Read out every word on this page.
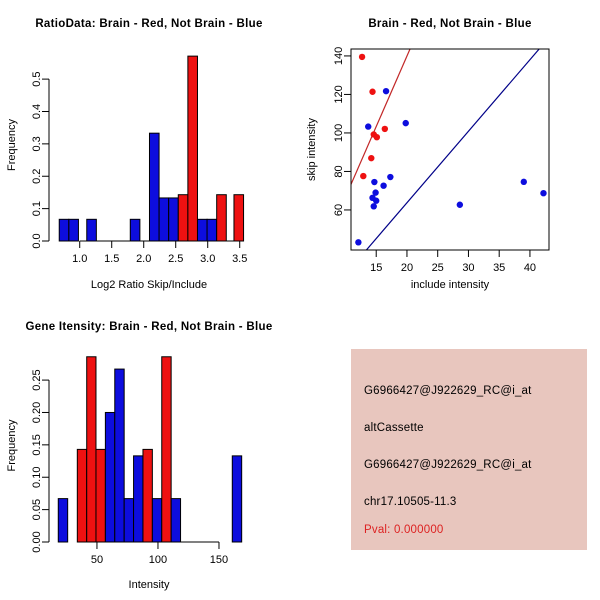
1.0 1.5 2.0 2.5 3.0 3.5
0.0
0.1
0.2
0.3
0.4
0.5
RatioData: Brain - Red, Not Brain - Blue
Log2 Ratio Skip/Include
Frequency
15 20 25 30 35 40
60
80
100
120
140
Brain - Red, Not Brain - Blue
include intensity
skip intensity
50	100	150
0.00
0.05
0.10
0.15
0.20
0.25
Gene Itensity: Brain - Red, Not Brain - Blue
Intensity
Frequency
G6966427@J922629_RC@i_at
altCassette
G6966427@J922629_RC@i_at
chr17.10505-11.3
Pval: 0.000000
